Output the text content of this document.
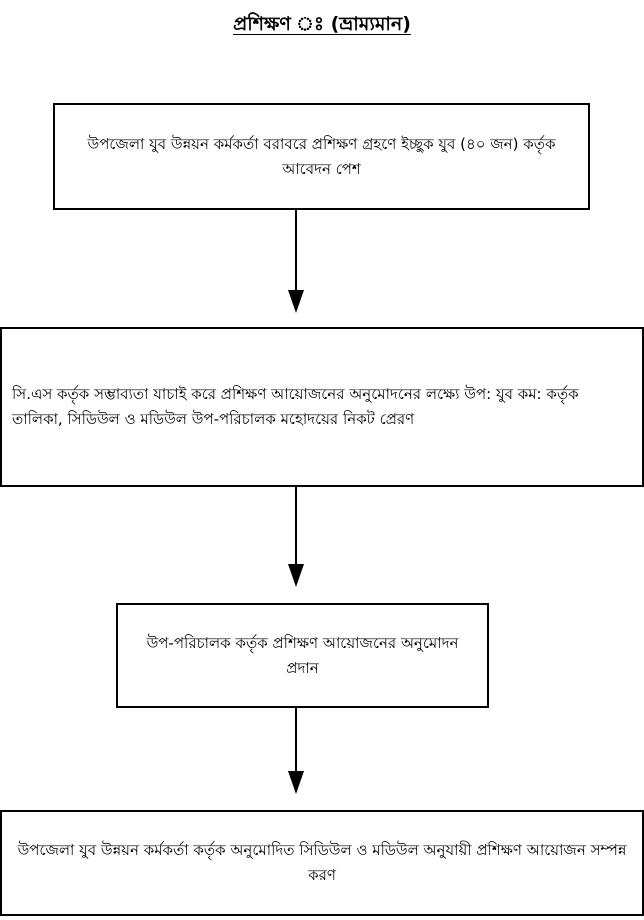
প্রশিক্ষণ ঃ (ভ্রাম্যমান)
উপজেলা যুব উন্নয়ন কর্মকর্তা বরাবরে প্রশিক্ষণ গ্রহণে ইচ্ছুক যুব (৪০ জন) কর্তৃক আবেদন পেশ
সি.এস কর্তৃক সম্ভাব্যতা যাচাই করে প্রশিক্ষণ আয়োজনের অনুমোদনের লক্ষ্যে উপ: যুব কম: কর্তৃক তালিকা, সিডিউল ও মডিউল উপ-পরিচালক মহোদয়ের নিকট প্রেরণ
উপ-পরিচালক কর্তৃক প্রশিক্ষণ আয়োজনের অনুমোদন প্রদান
উপজেলা যুব উন্নয়ন কর্মকর্তা কর্তৃক অনুমোদিত সিডিউল ও মডিউল অনুযায়ী প্রশিক্ষণ আয়োজন সম্পন্ন করণ
